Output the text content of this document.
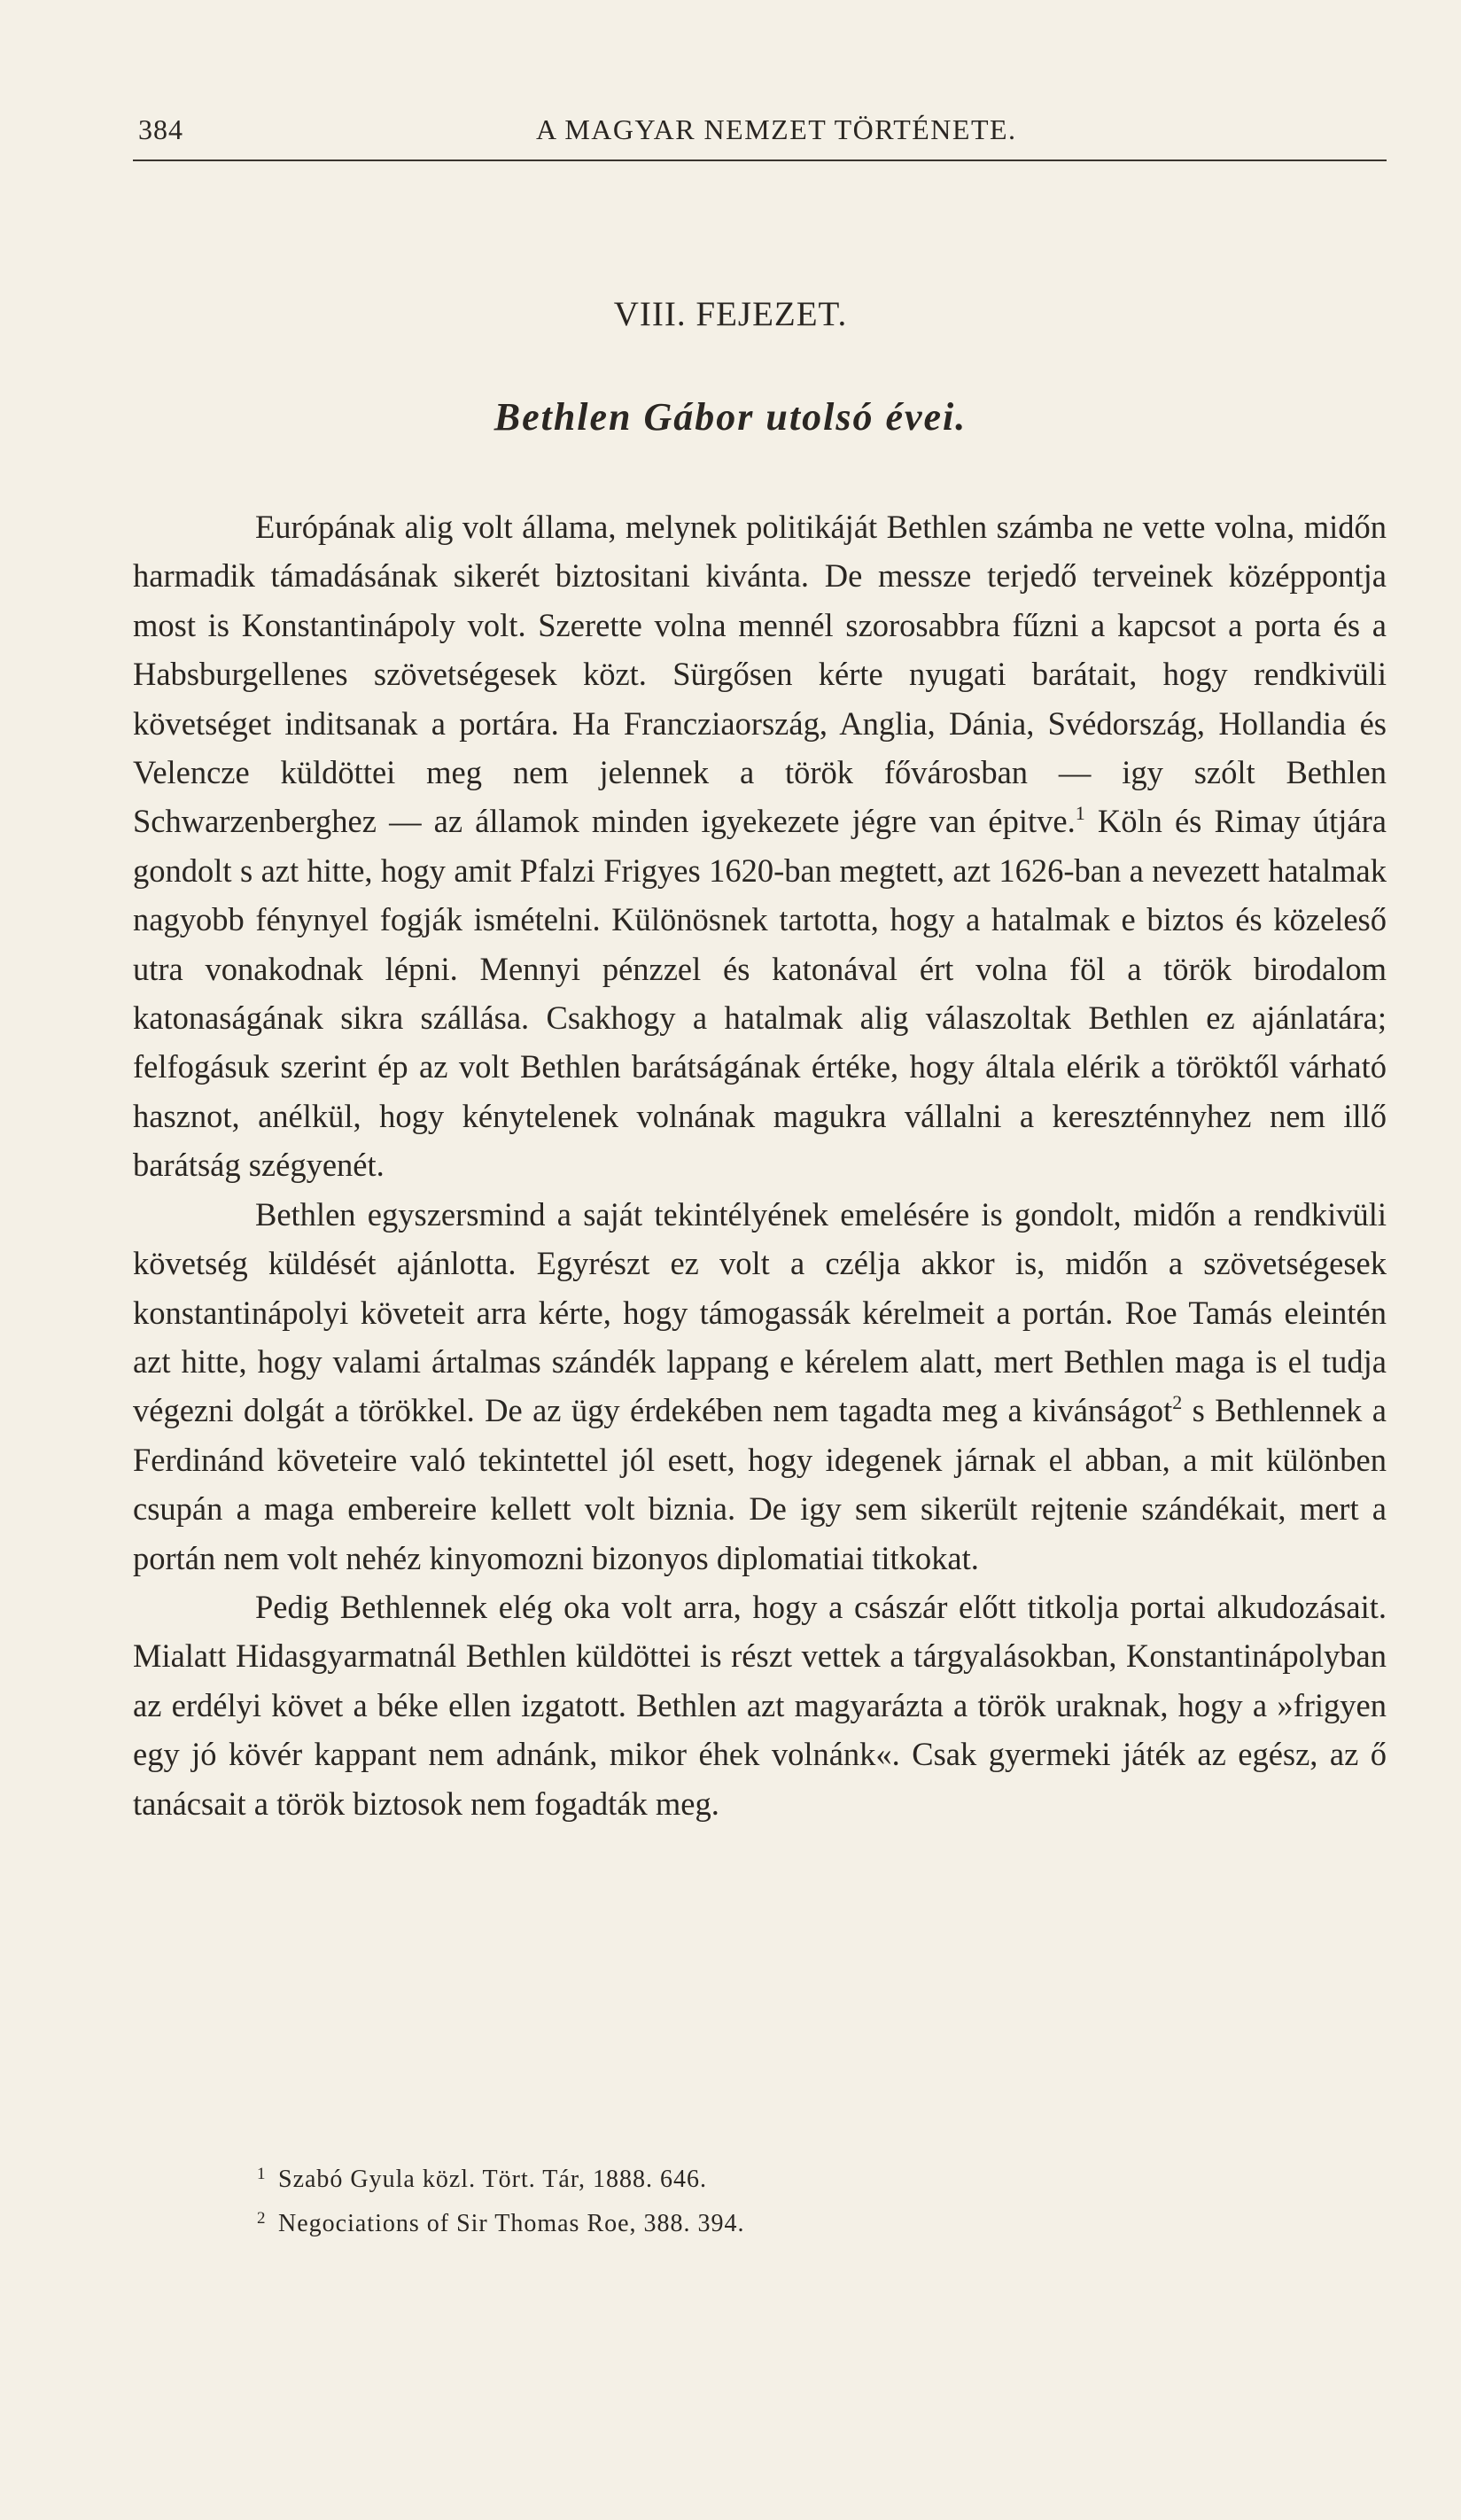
384	A MAGYAR NEMZET TÖRTÉNETE.
VIII. FEJEZET.
Bethlen Gábor utolsó évei.

Európának alig volt államа, melynek politikáját Bethlen számba ne vette volna, midőn harmadik támadásának sikerét biztositani kivánta. De messze terjedő terveinek középpontja most is Konstantinápoly volt. Szerette volna mennél szorosabbra fűzni a kapcsot a porta és a Habsburgellenes szövetségesek közt. Sürgősen kérte nyugati barátait, hogy rendkivüli követséget inditsanak a portára. Ha Francziaország, Anglia, Dánia, Svédország, Hollandia és Velencze küldöttei meg nem jelennek a török fővárosban — igy szólt Bethlen Schwarzenberghez — az államok minden igyekezete jégre van épitve.$^1$ Köln és Rimay útjára gondolt s azt hitte, hogy amit Pfalzi Frigyes 1620-ban megtett, azt 1626-ban a nevezett hatalmak nagyobb fénynyel fogják ismételni. Különösnek tartotta, hogy a hatalmak e biztos és közeleső utra vonakodnak lépni. Mennyi pénzzel és katonával ért volna föl a török birodalom katonaságának sikra szállása. Csakhogy a hatalmak alig válaszoltak Bethlen ez ajánlatára; felfogásuk szerint ép az volt Bethlen barátságának értéke, hogy általa elérik a töröktől várható hasznot, anélkül, hogy kénytelenek volnának magukra vállalni a kereszténnyhez nem illő barátság szégyenét.

Bethlen egyszersmind a saját tekintélyének emelésére is gondolt, midőn a rendkivüli követség küldését ajánlotta. Egyrészt ez volt a czélja akkor is, midőn a szövetségesek konstantinápolyi követeit arra kérte, hogy támogassák kérelmeit a portán. Roe Tamás eleintén azt hitte, hogy valami ártalmas szándék lappang e kérelem alatt, mert Bethlen maga is el tudja végezni dolgát a törökkel. De az ügy érdekében nem tagadta meg a kivánságot$^2$ s Bethlennek a Ferdinánd követeire való tekintettel jól esett, hogy idegenek járnak el abban, a mit különben csupán a maga embereire kellett volt biznia. De igy sem sikerült rejtenie szándékait, mert a portán nem volt nehéz kinyomozni bizonyos diplomatiai titkokat.

Pedig Bethlennek elég oka volt arra, hogy a császár előtt titkolja portai alkudozásait. Mialatt Hidasgyarmatnál Bethlen küldöttei is részt vettek a tárgyalásokban, Konstantinápolyban az erdélyi követ a béke ellen izgatott. Bethlen azt magyarázta a török uraknak, hogy a »frigyen egy jó kövér kappant nem adnánk, mikor éhek volnánk«. Csak gyermeki játék az egész, az ő tanácsait a török biztosok nem fogadták meg.

1 Szabó Gyula közl. Tört. Tár, 1888. 646.
2 Negociations of Sir Thomas Roe, 388. 394.
